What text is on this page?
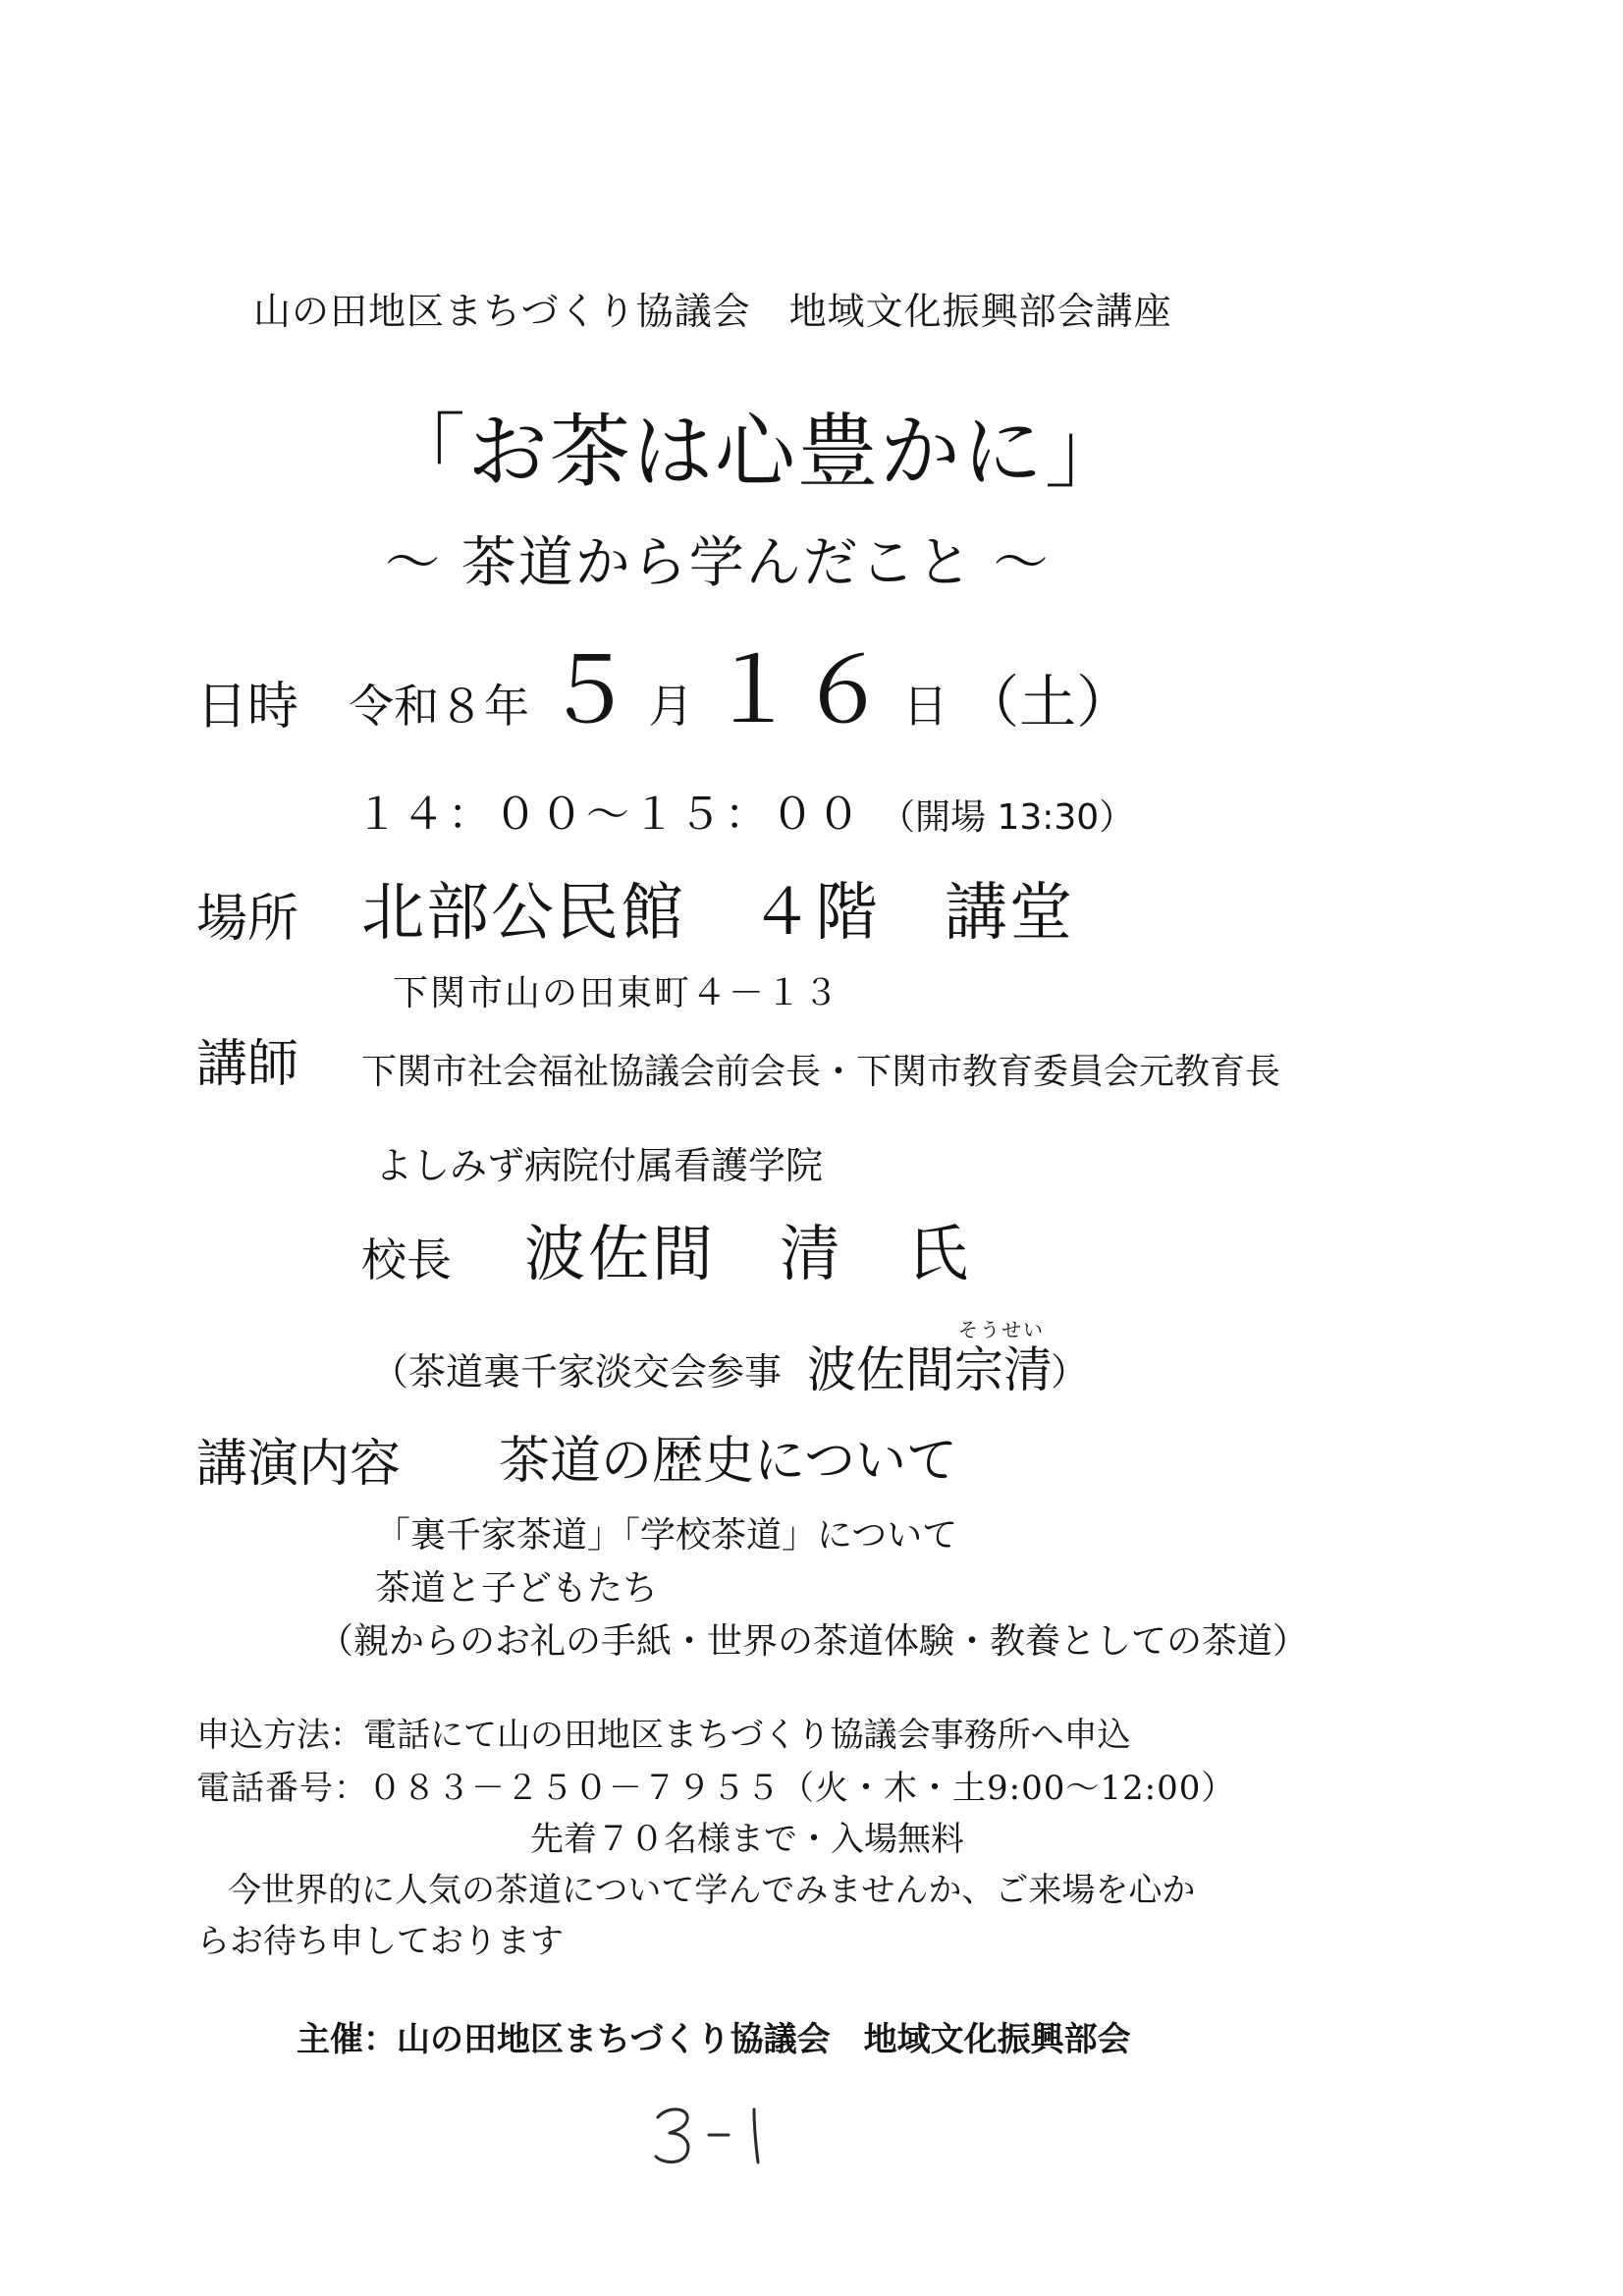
山の田地区まちづくり協議会　地域文化振興部会講座
「お茶は心豊かに」
～ 茶道から学んだこと ～
日時 令和８年 ５ 月 １６ 日 （土）
１４：００～１５：００ （開場 13:30）
場所 北部公民館　４階　講堂
下関市山の田東町４－１３
講師 下関市社会福祉協議会前会長・下関市教育委員会元教育長
よしみず病院付属看護学院
校長 波佐間　清　氏
（茶道裏千家淡交会参事
そうせい
波佐間宗清
）
講演内容 茶道の歴史について
「裏千家茶道」「学校茶道」について
茶道と子どもたち
（親からのお礼の手紙・世界の茶道体験・教養としての茶道）
申込方法：電話にて山の田地区まちづくり協議会事務所へ申込
電話番号：０８３－２５０－７９５５（火・木・土9:00～12:00）
先着７０名様まで・入場無料
今世界的に人気の茶道について学んでみませんか、ご来場を心か
らお待ち申しております
主催：山の田地区まちづくり協議会　地域文化振興部会
